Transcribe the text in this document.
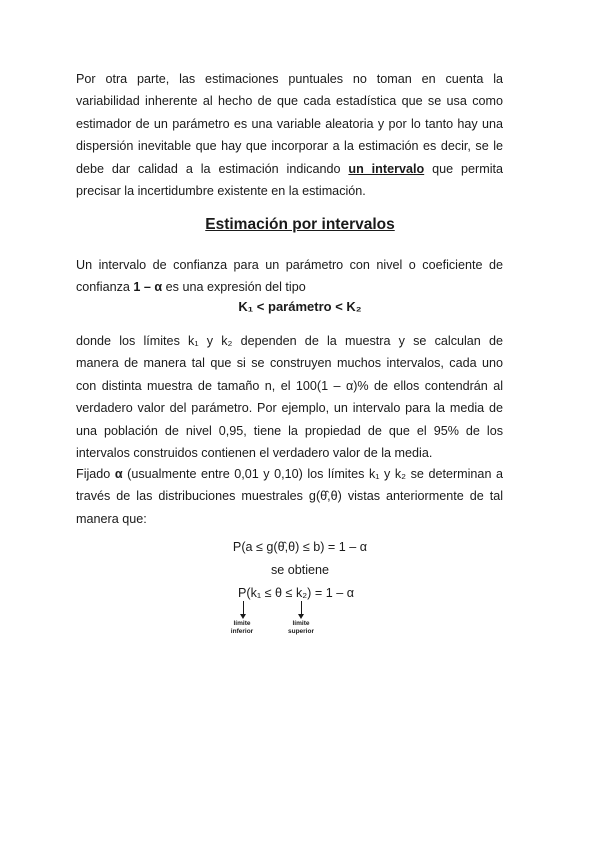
Por otra parte, las estimaciones puntuales no toman en cuenta la
variabilidad inherente al hecho de que cada estadística que se usa como
estimador de un parámetro es una variable aleatoria y por lo tanto hay una
dispersión inevitable que hay que incorporar a la estimación es decir, se le
debe dar calidad a la estimación indicando un intervalo que permita
precisar la incertidumbre existente en la estimación.
Estimación por intervalos
Un intervalo de confianza para un parámetro con nivel o coeficiente de
confianza 1 – α es una expresión del tipo
K₁ < parámetro < K₂
donde los límites k₁ y k₂ dependen de la muestra y se calculan de
manera de manera tal que si se construyen muchos intervalos, cada uno
con distinta muestra de tamaño n, el 100(1 – α)% de ellos contendrán al
verdadero valor del parámetro. Por ejemplo, un intervalo para la media de
una población de nivel 0,95, tiene la propiedad de que el 95% de los
intervalos construidos contienen el verdadero valor de la media.
Fijado α (usualmente entre 0,01 y 0,10) los límites k₁ y k₂ se determinan a
través de las distribuciones muestrales g(θ̂,θ) vistas anteriormente de tal
manera que:
P(a ≤ g(θ̂,θ) ≤ b) = 1 – α
se obtiene
P(k₁ ≤ θ ≤ k₂) = 1 – α
límite inferior
límite superior
